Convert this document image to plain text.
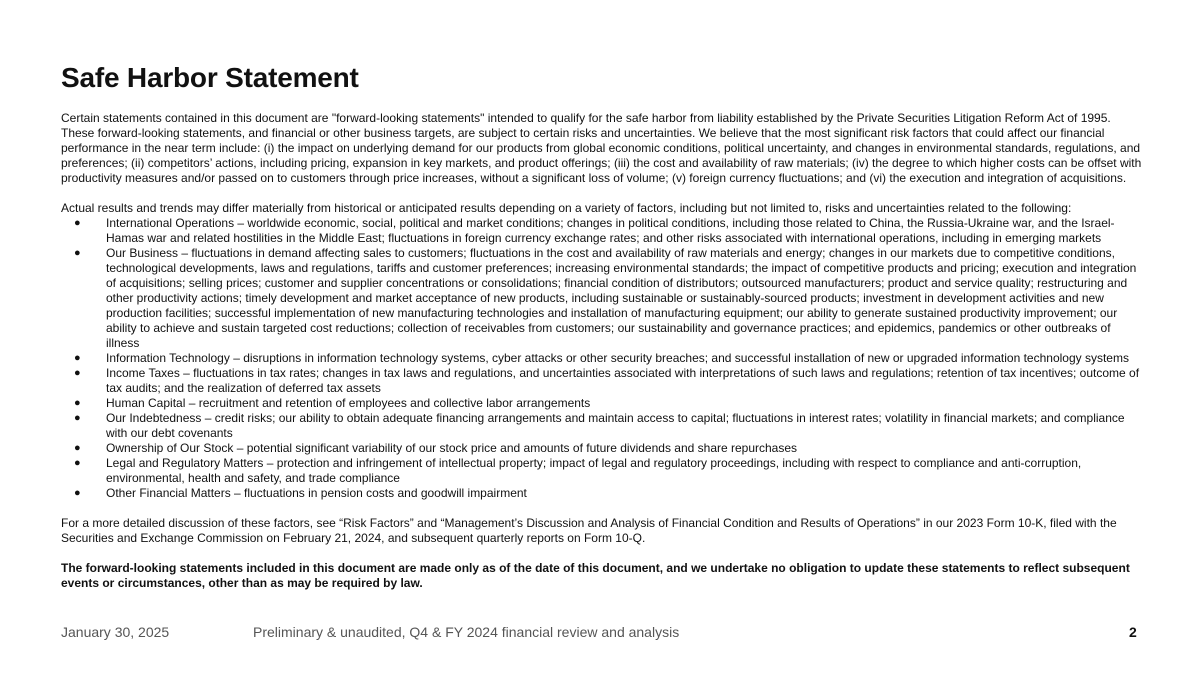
Safe Harbor Statement

Certain statements contained in this document are "forward-looking statements" intended to qualify for the safe harbor from liability established by the Private Securities Litigation Reform Act of 1995. These forward-looking statements, and financial or other business targets, are subject to certain risks and uncertainties. We believe that the most significant risk factors that could affect our financial performance in the near term include: (i) the impact on underlying demand for our products from global economic conditions, political uncertainty, and changes in environmental standards, regulations, and preferences; (ii) competitors’ actions, including pricing, expansion in key markets, and product offerings; (iii) the cost and availability of raw materials; (iv) the degree to which higher costs can be offset with productivity measures and/or passed on to customers through price increases, without a significant loss of volume; (v) foreign currency fluctuations; and (vi) the execution and integration of acquisitions.

Actual results and trends may differ materially from historical or anticipated results depending on a variety of factors, including but not limited to, risks and uncertainties related to the following:

● International Operations – worldwide economic, social, political and market conditions; changes in political conditions, including those related to China, the Russia-Ukraine war, and the Israel-Hamas war and related hostilities in the Middle East; fluctuations in foreign currency exchange rates; and other risks associated with international operations, including in emerging markets
● Our Business – fluctuations in demand affecting sales to customers; fluctuations in the cost and availability of raw materials and energy; changes in our markets due to competitive conditions, technological developments, laws and regulations, tariffs and customer preferences; increasing environmental standards; the impact of competitive products and pricing; execution and integration of acquisitions; selling prices; customer and supplier concentrations or consolidations; financial condition of distributors; outsourced manufacturers; product and service quality; restructuring and other productivity actions; timely development and market acceptance of new products, including sustainable or sustainably-sourced products; investment in development activities and new production facilities; successful implementation of new manufacturing technologies and installation of manufacturing equipment; our ability to generate sustained productivity improvement; our ability to achieve and sustain targeted cost reductions; collection of receivables from customers; our sustainability and governance practices; and epidemics, pandemics or other outbreaks of illness
● Information Technology – disruptions in information technology systems, cyber attacks or other security breaches; and successful installation of new or upgraded information technology systems
● Income Taxes – fluctuations in tax rates; changes in tax laws and regulations, and uncertainties associated with interpretations of such laws and regulations; retention of tax incentives; outcome of tax audits; and the realization of deferred tax assets
● Human Capital – recruitment and retention of employees and collective labor arrangements
● Our Indebtedness – credit risks; our ability to obtain adequate financing arrangements and maintain access to capital; fluctuations in interest rates; volatility in financial markets; and compliance with our debt covenants
● Ownership of Our Stock – potential significant variability of our stock price and amounts of future dividends and share repurchases
● Legal and Regulatory Matters – protection and infringement of intellectual property; impact of legal and regulatory proceedings, including with respect to compliance and anti-corruption, environmental, health and safety, and trade compliance
● Other Financial Matters – fluctuations in pension costs and goodwill impairment

For a more detailed discussion of these factors, see “Risk Factors” and “Management’s Discussion and Analysis of Financial Condition and Results of Operations” in our 2023 Form 10-K, filed with the Securities and Exchange Commission on February 21, 2024, and subsequent quarterly reports on Form 10-Q.

The forward-looking statements included in this document are made only as of the date of this document, and we undertake no obligation to update these statements to reflect subsequent events or circumstances, other than as may be required by law.

January 30, 2025	Preliminary & unaudited, Q4 & FY 2024 financial review and analysis	2
